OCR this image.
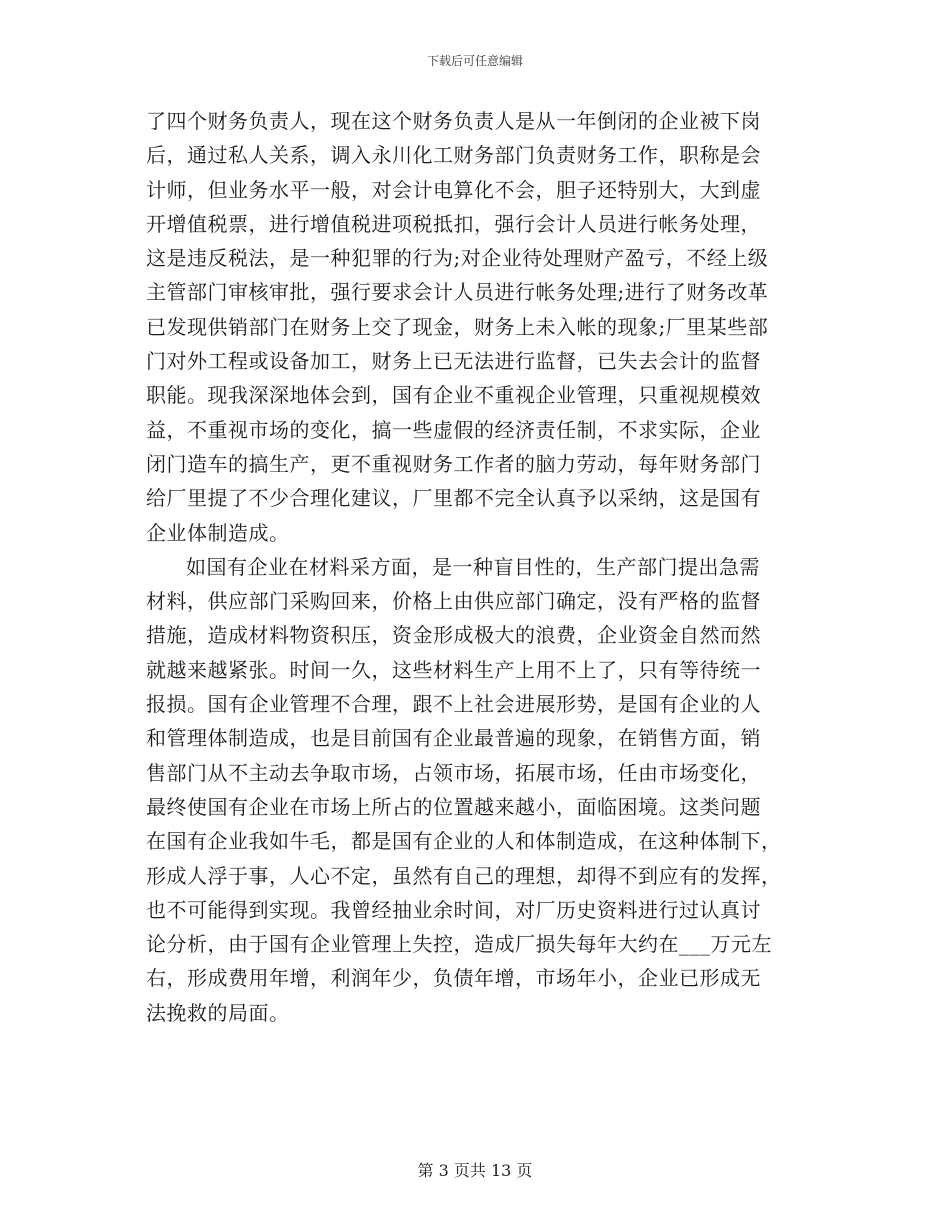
下载后可任意编辑
了四个财务负责人，现在这个财务负责人是从一年倒闭的企业被下岗
后，通过私人关系，调入永川化工财务部门负责财务工作，职称是会
计师，但业务水平一般，对会计电算化不会，胆子还特别大，大到虚
开增值税票，进行增值税进项税抵扣，强行会计人员进行帐务处理，
这是违反税法，是一种犯罪的行为;对企业待处理财产盈亏，不经上级
主管部门审核审批，强行要求会计人员进行帐务处理;进行了财务改革
已发现供销部门在财务上交了现金，财务上未入帐的现象;厂里某些部
门对外工程或设备加工，财务上已无法进行监督，已失去会计的监督
职能。现我深深地体会到，国有企业不重视企业管理，只重视规模效
益，不重视市场的变化，搞一些虚假的经济责任制，不求实际，企业
闭门造车的搞生产，更不重视财务工作者的脑力劳动，每年财务部门
给厂里提了不少合理化建议，厂里都不完全认真予以采纳，这是国有
企业体制造成。
如国有企业在材料采方面，是一种盲目性的，生产部门提出急需
材料，供应部门采购回来，价格上由供应部门确定，没有严格的监督
措施，造成材料物资积压，资金形成极大的浪费，企业资金自然而然
就越来越紧张。时间一久，这些材料生产上用不上了，只有等待统一
报损。国有企业管理不合理，跟不上社会进展形势，是国有企业的人
和管理体制造成，也是目前国有企业最普遍的现象，在销售方面，销
售部门从不主动去争取市场，占领市场，拓展市场，任由市场变化，
最终使国有企业在市场上所占的位置越来越小，面临困境。这类问题
在国有企业我如牛毛，都是国有企业的人和体制造成，在这种体制下，
形成人浮于事，人心不定，虽然有自己的理想，却得不到应有的发挥，
也不可能得到实现。我曾经抽业余时间，对厂历史资料进行过认真讨
论分析，由于国有企业管理上失控，造成厂损失每年大约在___万元左
右，形成费用年增，利润年少，负债年增，市场年小，企业已形成无
法挽救的局面。
第 3 页共 13 页
